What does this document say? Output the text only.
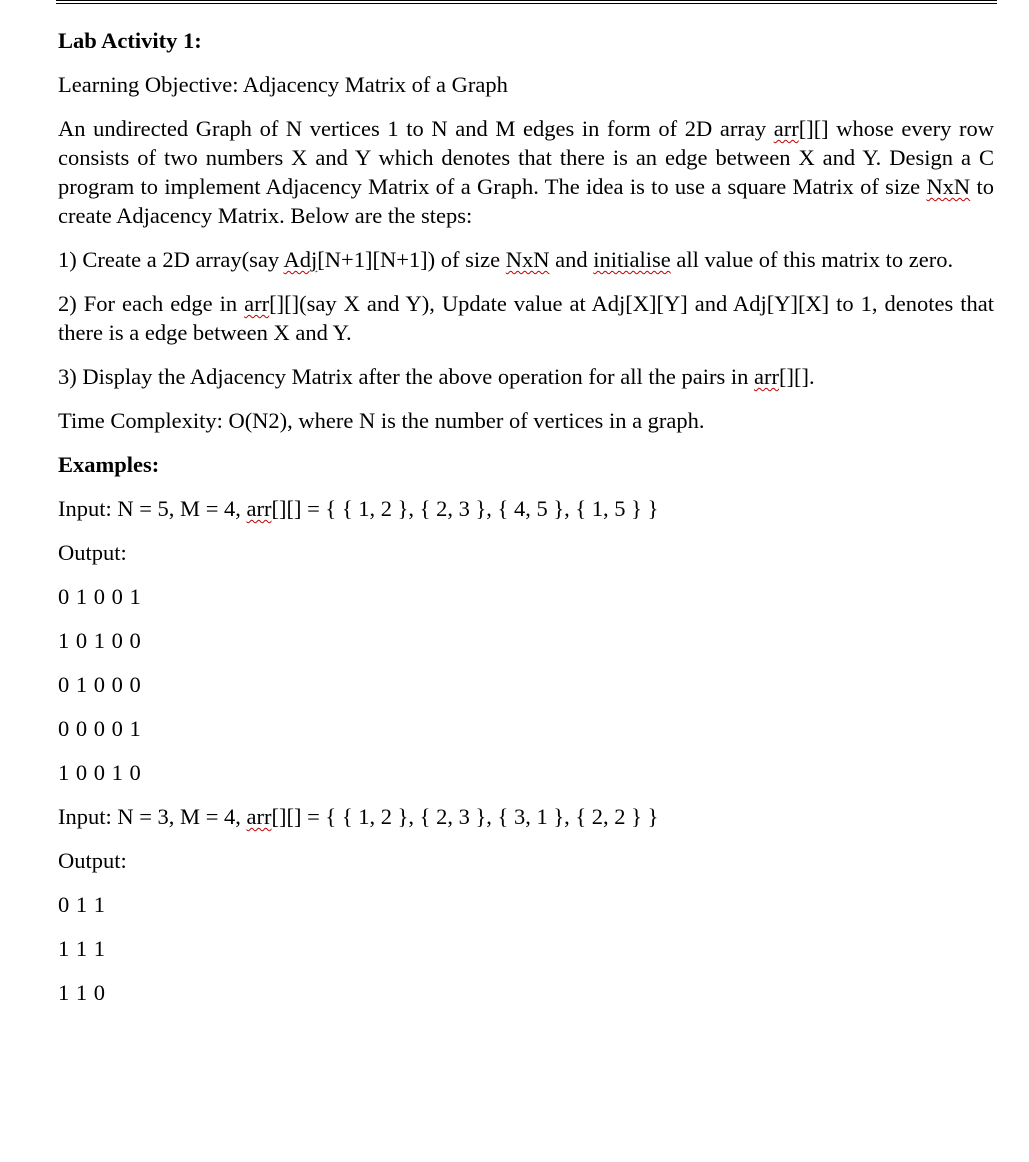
Lab Activity 1:

Learning Objective: Adjacency Matrix of a Graph

An undirected Graph of N vertices 1 to N and M edges in form of 2D array arr[][] whose every row consists of two numbers X and Y which denotes that there is an edge between X and Y. Design a C program to implement Adjacency Matrix of a Graph. The idea is to use a square Matrix of size NxN to create Adjacency Matrix. Below are the steps:

1) Create a 2D array(say Adj[N+1][N+1]) of size NxN and initialise all value of this matrix to zero.

2) For each edge in arr[][](say X and Y), Update value at Adj[X][Y] and Adj[Y][X] to 1, denotes that there is a edge between X and Y.

3) Display the Adjacency Matrix after the above operation for all the pairs in arr[][].

Time Complexity: O(N2), where N is the number of vertices in a graph.

Examples:

Input: N = 5, M = 4, arr[][] = { { 1, 2 }, { 2, 3 }, { 4, 5 }, { 1, 5 } }

Output:

0 1 0 0 1

1 0 1 0 0

0 1 0 0 0

0 0 0 0 1

1 0 0 1 0

Input: N = 3, M = 4, arr[][] = { { 1, 2 }, { 2, 3 }, { 3, 1 }, { 2, 2 } }

Output:

0 1 1

1 1 1

1 1 0
